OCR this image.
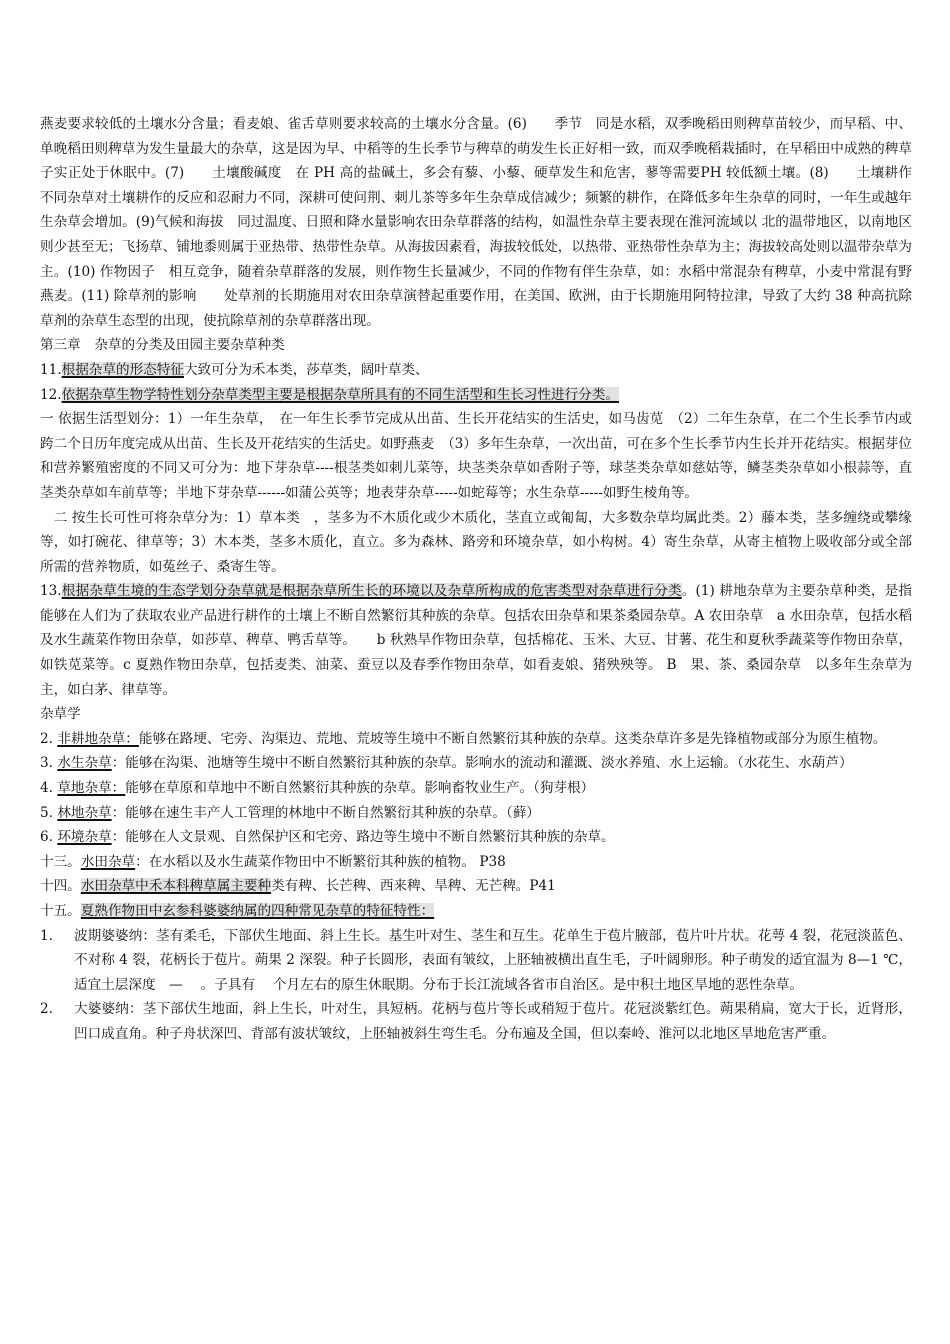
燕麦要求较低的土壤水分含量；看麦娘、雀舌草则要求较高的土壤水分含量。(6)　　季节　同是水稻，双季晚稻田则稗草苗较少，而早稻、中、单晚稻田则稗草为发生量最大的杂草，这是因为早、中稻等的生长季节与稗草的萌发生长正好相一致，而双季晚稻栽插时，在早稻田中成熟的稗草子实正处于休眠中。(7)　　土壤酸碱度　在 PH 高的盐碱土，多会有藜、小藜、硬草发生和危害，蓼等需要PH 较低额土壤。(8)　　土壤耕作　不同杂草对土壤耕作的反应和忍耐力不同，深耕可使问荆、刺儿茶等多年生杂草成信减少；频繁的耕作，在降低多年生杂草的同时，一年生或越年生杂草会增加。(9)气候和海拔　同过温度、日照和降水量影响农田杂草群落的结构，如温性杂草主要表现在淮河流域以 北的温带地区，以南地区则少甚至无；飞扬草、铺地黍则属于亚热带、热带性杂草。从海拔因素看，海拔较低处，以热带、亚热带性杂草为主；海拔较高处则以温带杂草为主。(10) 作物因子　相互竞争，随着杂草群落的发展，则作物生长量减少，不同的作物有伴生杂草，如：水稻中常混杂有稗草，小麦中常混有野燕麦。(11) 除草剂的影响　　处草剂的长期施用对农田杂草演替起重要作用，在美国、欧洲，由于长期施用阿特拉津，导致了大约 38 种高抗除草剂的杂草生态型的出现，使抗除草剂的杂草群落出现。

第三章　杂草的分类及田园主要杂草种类

11.根据杂草的形态特征大致可分为禾本类，莎草类，阔叶草类、

12.依据杂草生物学特性划分杂草类型主要是根据杂草所具有的不同生活型和生长习性进行分类。

一 依据生活型划分：1）一年生杂草，　在一年生长季节完成从出苗、生长开花结实的生活史，如马齿苋　（2）二年生杂草，在二个生长季节内或跨二个日历年度完成从出苗、生长及开花结实的生活史。如野燕麦　（3）多年生杂草，一次出苗，可在多个生长季节内生长并开花结实。根据芽位和营养繁殖密度的不同又可分为：地下芽杂草----根茎类如刺儿菜等，块茎类杂草如香附子等，球茎类杂草如慈姑等，鳞茎类杂草如小根蒜等，直茎类杂草如车前草等；半地下芽杂草------如蒲公英等；地表芽杂草-----如蛇莓等；水生杂草-----如野生棱角等。

　二 按生长可性可将杂草分为：1）草本类　，茎多为不木质化或少木质化，茎直立或匍匐，大多数杂草均属此类。2）藤本类，茎多缠绕或攀缘等，如打碗花、律草等；3）木本类，茎多木质化，直立。多为森林、路旁和环境杂草，如小构树。4）寄生杂草，从寄主植物上吸收部分或全部所需的营养物质，如菟丝子、桑寄生等。

13.根据杂草生境的生态学划分杂草就是根据杂草所生长的环境以及杂草所构成的危害类型对杂草进行分类。(1) 耕地杂草为主要杂草种类，是指能够在人们为了获取农业产品进行耕作的土壤上不断自然繁衍其种族的杂草。包括农田杂草和果茶桑园杂草。A 农田杂草　a 水田杂草，包括水稻及水生蔬菜作物田杂草，如莎草、稗草、鸭舌草等。　　b 秋熟旱作物田杂草，包括棉花、玉米、大豆、甘薯、花生和夏秋季蔬菜等作物田杂草，如铁苋菜等。c 夏熟作物田杂草，包括麦类、油菜、蚕豆以及春季作物田杂草，如看麦娘、猪殃殃等。 B　果、茶、桑园杂草　以多年生杂草为主，如白茅、律草等。

杂草学

2. 非耕地杂草：能够在路埂、宅旁、沟渠边、荒地、荒坡等生境中不断自然繁衍其种族的杂草。这类杂草许多是先锋植物或部分为原生植物。

3. 水生杂草：能够在沟渠、池塘等生境中不断自然繁衍其种族的杂草。影响水的流动和灌溉、淡水养殖、水上运输。（水花生、水葫芦）

4. 草地杂草：能够在草原和草地中不断自然繁衍其种族的杂草。影响畜牧业生产。（狗芽根）

5. 林地杂草：能够在速生丰产人工管理的林地中不断自然繁衍其种族的杂草。（藓）

6. 环境杂草：能够在人文景观、自然保护区和宅旁、路边等生境中不断自然繁衍其种族的杂草。

十三。水田杂草：在水稻以及水生蔬菜作物田中不断繁衍其种族的植物。 P38

十四。水田杂草中禾本科稗草属主要种类有稗、长芒稗、西来稗、旱稗、无芒稗。P41

十五。夏熟作物田中玄参科婆婆纳属的四种常见杂草的特征特性：

1. 波期婆婆纳：茎有柔毛，下部伏生地面、斜上生长。基生叶对生、茎生和互生。花单生于苞片腋部，苞片叶片状。花萼 4 裂，花冠淡蓝色、不对称 4 裂，花柄长于苞片。蒴果 2 深裂。种子长圆形，表面有皱纹，上胚轴被横出直生毛，子叶阔卵形。种子萌发的适宜温为 8—1 ℃，适宜土层深度　—　 。子具有　 个月左右的原生休眠期。分布于长江流域各省市自治区。是中积土地区旱地的恶性杂草。

2. 大婆婆纳：茎下部伏生地面，斜上生长，叶对生，具短柄。花柄与苞片等长或稍短于苞片。花冠淡紫红色。蒴果稍扁，宽大于长，近肾形，凹口成直角。种子舟状深凹、背部有波状皱纹，上胚轴被斜生弯生毛。分布遍及全国，但以秦岭、淮河以北地区旱地危害严重。
